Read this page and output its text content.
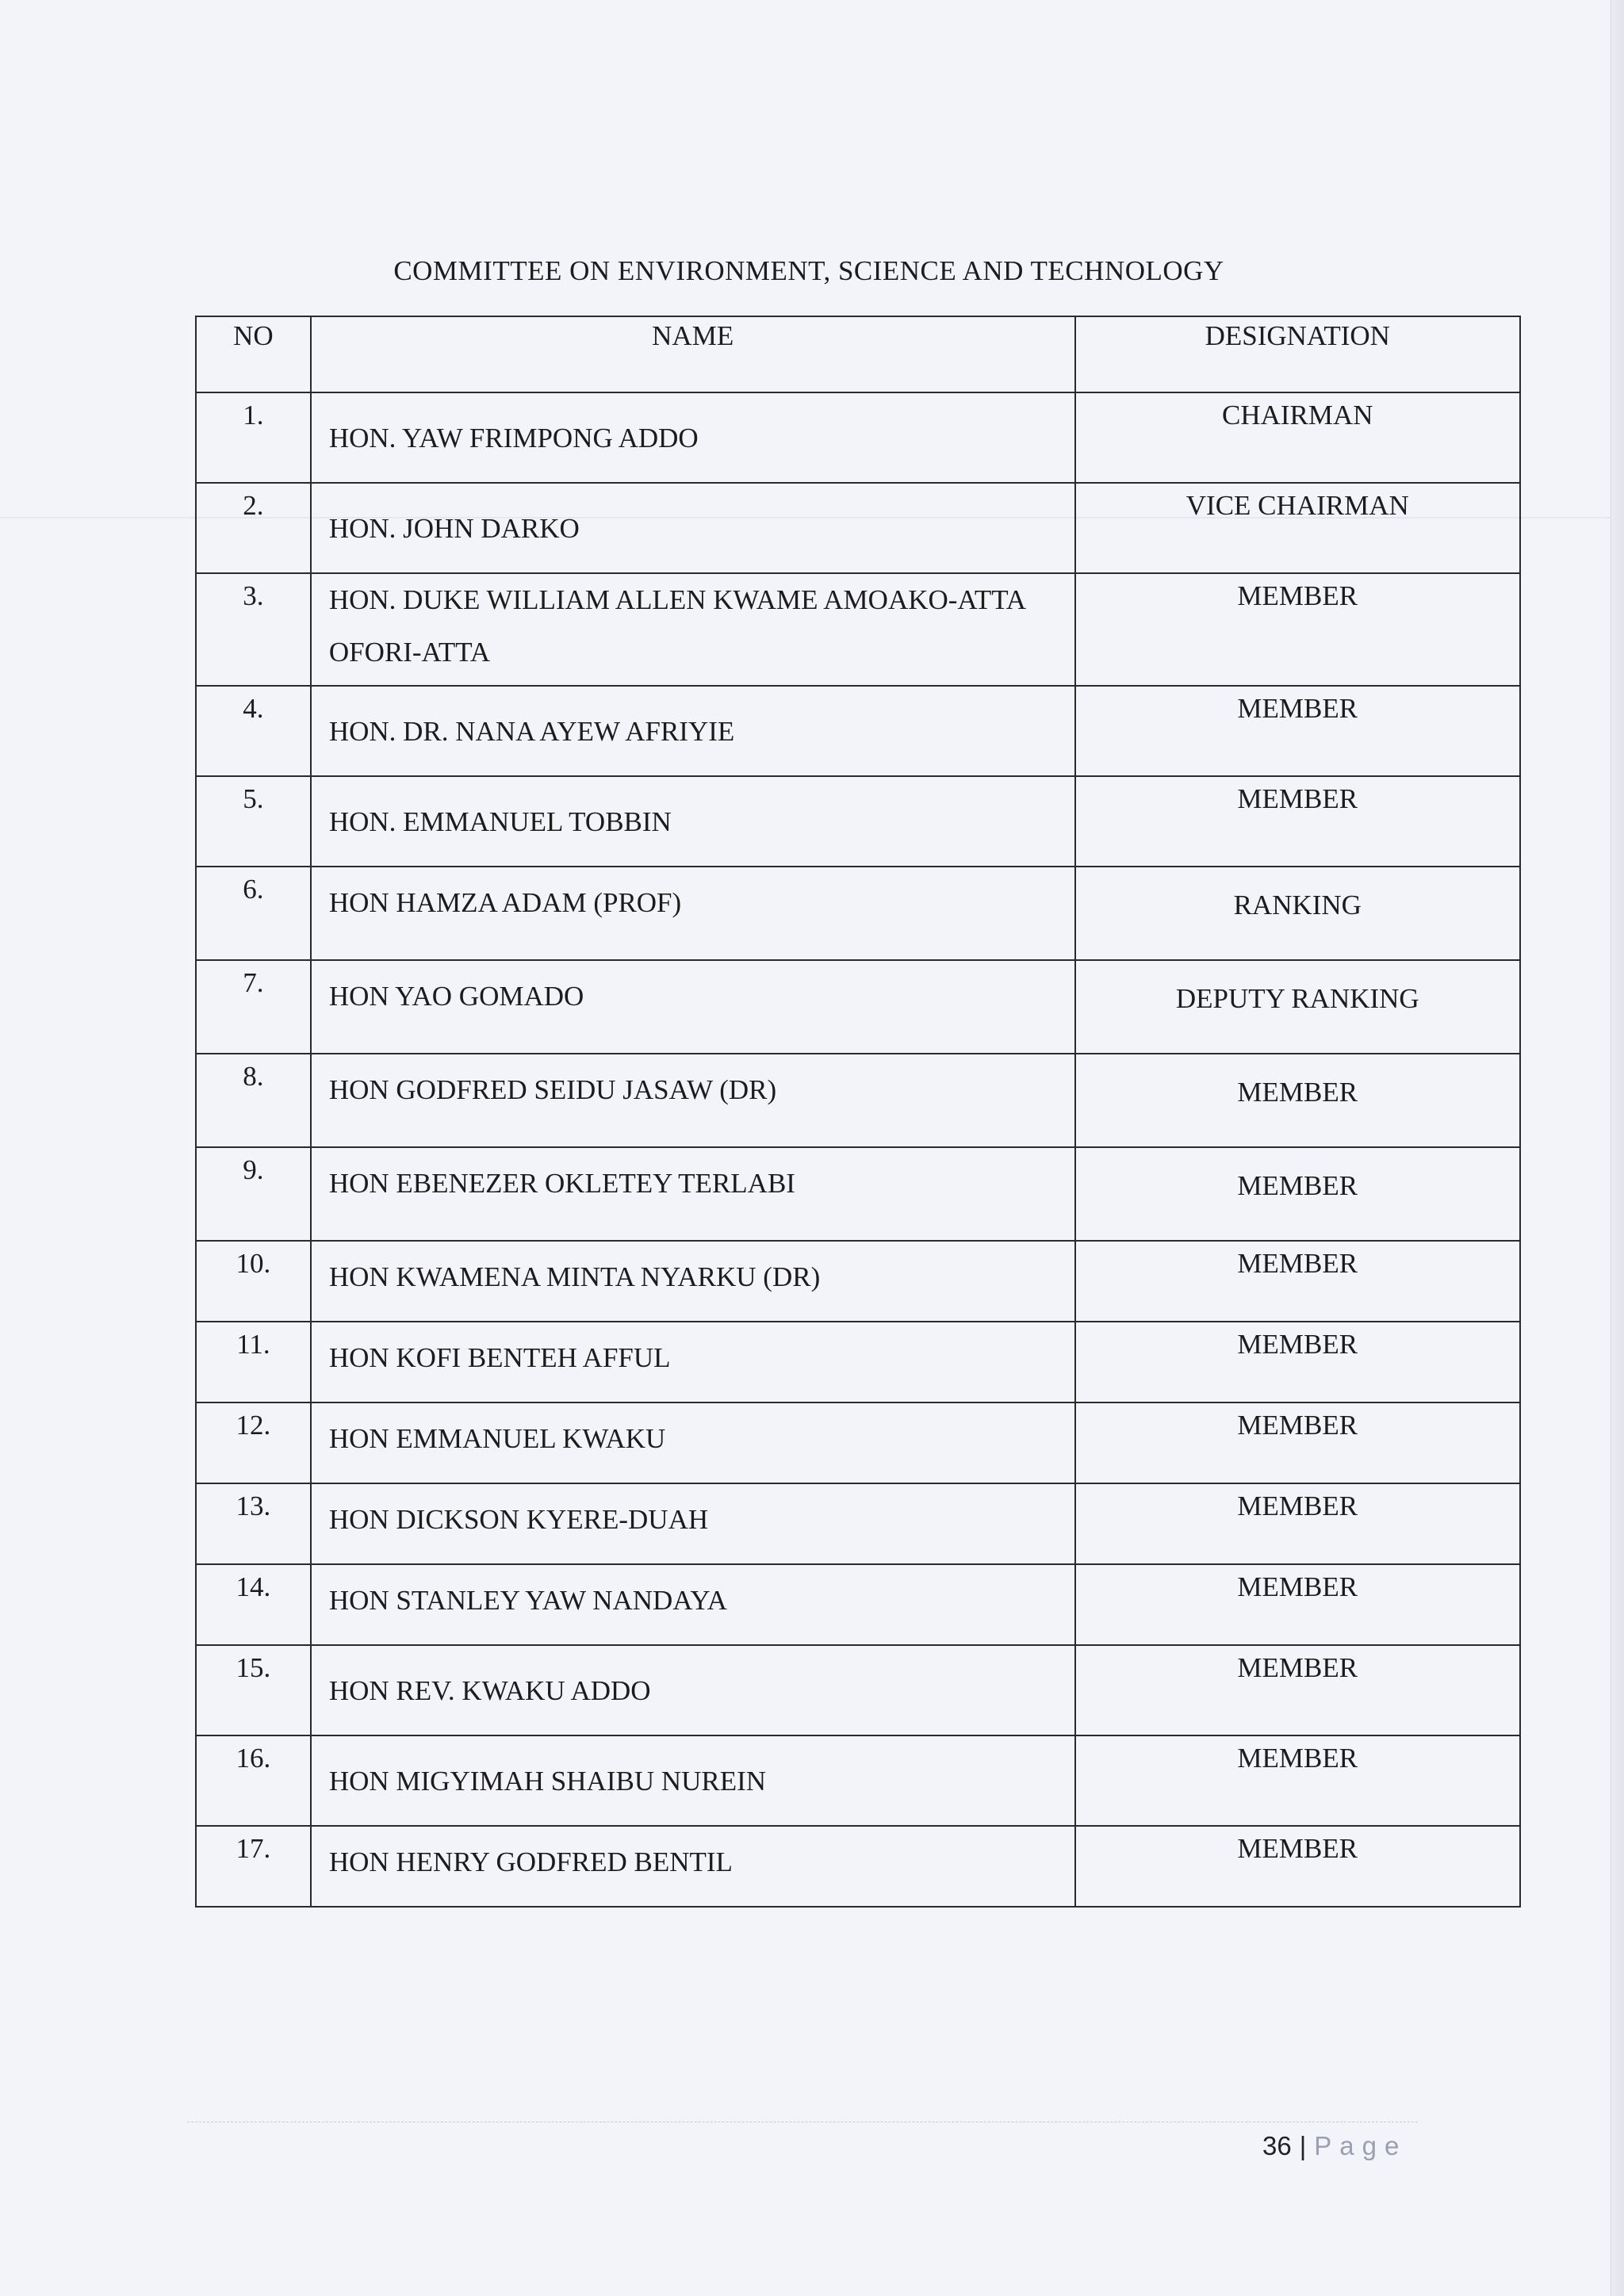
COMMITTEE ON ENVIRONMENT, SCIENCE AND TECHNOLOGY
NO	NAME	DESIGNATION
1.	HON. YAW FRIMPONG ADDO	CHAIRMAN
2.	HON. JOHN DARKO	VICE CHAIRMAN
3.	HON. DUKE WILLIAM ALLEN KWAME AMOAKO-ATTA OFORI-ATTA	MEMBER
4.	HON. DR. NANA AYEW AFRIYIE	MEMBER
5.	HON. EMMANUEL TOBBIN	MEMBER
6.	HON HAMZA ADAM (PROF)	RANKING
7.	HON YAO GOMADO	DEPUTY RANKING
8.	HON GODFRED SEIDU JASAW (DR)	MEMBER
9.	HON EBENEZER OKLETEY TERLABI	MEMBER
10.	HON KWAMENA MINTA NYARKU (DR)	MEMBER
11.	HON KOFI BENTEH AFFUL	MEMBER
12.	HON EMMANUEL KWAKU	MEMBER
13.	HON DICKSON KYERE-DUAH	MEMBER
14.	HON STANLEY YAW NANDAYA	MEMBER
15.	HON REV. KWAKU ADDO	MEMBER
16.	HON MIGYIMAH SHAIBU NUREIN	MEMBER
17.	HON HENRY GODFRED BENTIL	MEMBER
36 | Page
